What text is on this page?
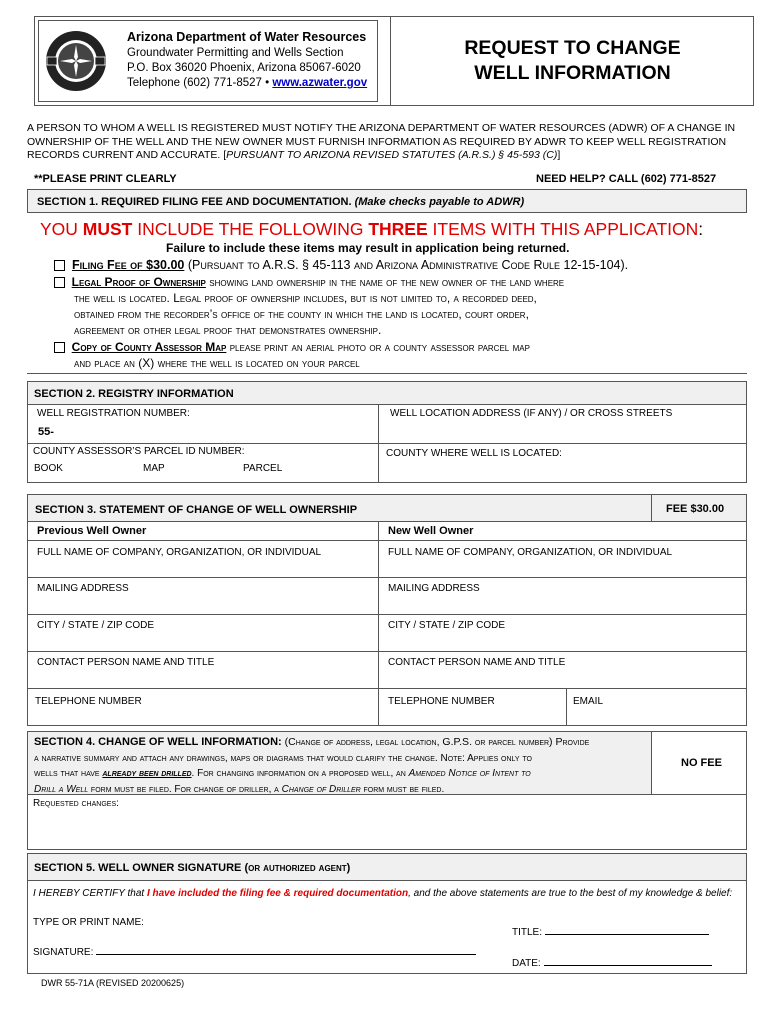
Arizona Department of Water Resources
Groundwater Permitting and Wells Section
P.O. Box 36020 Phoenix, Arizona 85067-6020
Telephone (602) 771-8527 • www.azwater.gov
REQUEST TO CHANGE
WELL INFORMATION
A PERSON TO WHOM A WELL IS REGISTERED MUST NOTIFY THE ARIZONA DEPARTMENT OF WATER RESOURCES (ADWR) OF A CHANGE IN OWNERSHIP OF THE WELL AND THE NEW OWNER MUST FURNISH INFORMATION AS REQUIRED BY ADWR TO KEEP WELL REGISTRATION RECORDS CURRENT AND ACCURATE. [PURSUANT TO ARIZONA REVISED STATUTES (A.R.S.) § 45-593 (C)]
**PLEASE PRINT CLEARLY	NEED HELP? CALL (602) 771-8527
SECTION 1. REQUIRED FILING FEE AND DOCUMENTATION. (Make checks payable to ADWR)
YOU MUST INCLUDE THE FOLLOWING THREE ITEMS WITH THIS APPLICATION:
Failure to include these items may result in application being returned.
Filing Fee of $30.00 (Pursuant to A.R.S. § 45-113 and Arizona Administrative Code Rule 12-15-104).
Legal Proof of Ownership showing land ownership in the name of the new owner of the land where
the well is located. Legal proof of ownership includes, but is not limited to, a recorded deed,
obtained from the recorder’s office of the county in which the land is located, court order,
agreement or other legal proof that demonstrates ownership.
Copy of County Assessor Map please print an aerial photo or a county assessor parcel map
and place an (X) where the well is located on your parcel
SECTION 2. REGISTRY INFORMATION
WELL REGISTRATION NUMBER:
55-
WELL LOCATION ADDRESS (IF ANY) / OR CROSS STREETS
COUNTY ASSESSOR’S PARCEL ID NUMBER:
BOOK	MAP	PARCEL
COUNTY WHERE WELL IS LOCATED:
SECTION 3. STATEMENT OF CHANGE OF WELL OWNERSHIP	FEE $30.00
Previous Well Owner	New Well Owner
FULL NAME OF COMPANY, ORGANIZATION, OR INDIVIDUAL	FULL NAME OF COMPANY, ORGANIZATION, OR INDIVIDUAL
MAILING ADDRESS	MAILING ADDRESS
CITY / STATE / ZIP CODE	CITY / STATE / ZIP CODE
CONTACT PERSON NAME AND TITLE	CONTACT PERSON NAME AND TITLE
TELEPHONE NUMBER	TELEPHONE NUMBER	EMAIL
SECTION 4. CHANGE OF WELL INFORMATION: (Change of address, legal location, G.P.S. or parcel number) Provide
a narrative summary and attach any drawings, maps or diagrams that would clarify the change. Note: Applies only to
wells that have already been drilled. For changing information on a proposed well, an Amended Notice of Intent to
Drill a Well form must be filed. For change of driller, a Change of Driller form must be filed.
NO FEE
Requested changes:
SECTION 5. WELL OWNER SIGNATURE (or authorized agent)
I HEREBY CERTIFY that I have included the filing fee & required documentation, and the above statements are true to the best of my knowledge & belief:
TYPE OR PRINT NAME:
TITLE:
SIGNATURE:
DATE:
DWR 55-71A (REVISED 20200625)
